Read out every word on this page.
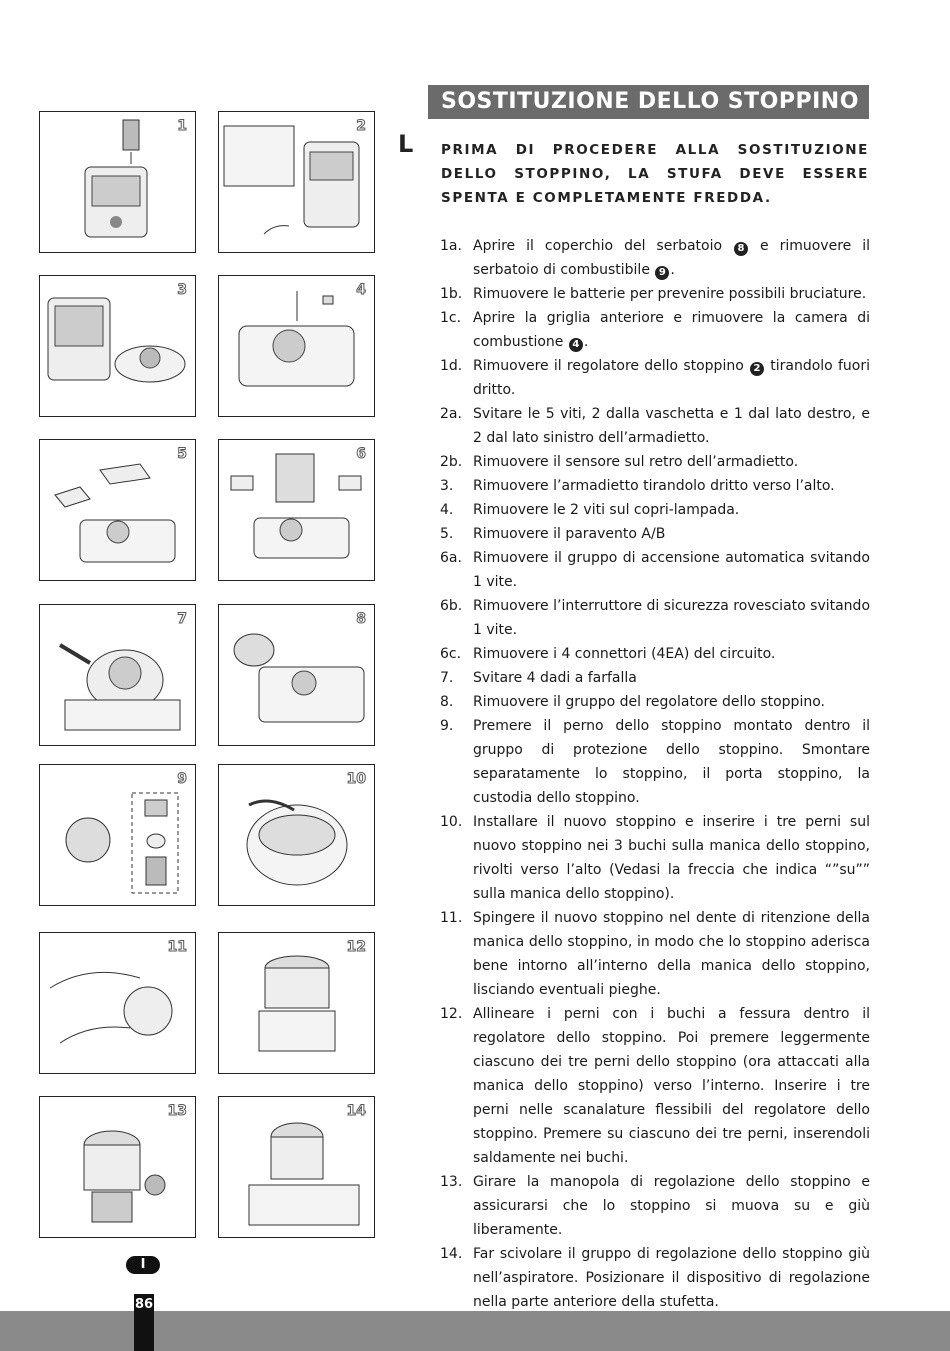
1	2
3	4
5	6
7	8
9	10
11	12
13	14
SOSTITUZIONE DELLO STOPPINO
L PRIMA DI PROCEDERE ALLA SOSTITUZIONE DELLO STOPPINO, LA STUFA DEVE ESSERE SPENTA E COMPLETAMENTE FREDDA.
1a. Aprire il coperchio del serbatoio 8 e rimuovere il serbatoio di combustibile 9 .
1b. Rimuovere le batterie per prevenire possibili bruciature.
1c. Aprire la griglia anteriore e rimuovere la camera di combustione 4 .
1d. Rimuovere il regolatore dello stoppino 2 tirandolo fuori dritto.
2a. Svitare le 5 viti, 2 dalla vaschetta e 1 dal lato destro, e 2 dal lato sinistro dell’armadietto.
2b. Rimuovere il sensore sul retro dell’armadietto.
3.	Rimuovere l’armadietto tirandolo dritto verso l’alto.
4.	Rimuovere le 2 viti sul copri-lampada.
5.	Rimuovere il paravento A/B
6a. Rimuovere il gruppo di accensione automatica svitando 1 vite.
6b. Rimuovere l’interruttore di sicurezza rovesciato svitando 1 vite.
6c. Rimuovere i 4 connettori (4EA) del circuito.
7.	Svitare 4 dadi a farfalla
8.	Rimuovere il gruppo del regolatore dello stoppino.
9.	Premere il perno dello stoppino montato dentro il gruppo di protezione dello stoppino. Smontare separatamente lo stoppino, il porta stoppino, la custodia dello stoppino.
10. Installare il nuovo stoppino e inserire i tre perni sul nuovo stoppino nei 3 buchi sulla manica dello stoppino, rivolti verso l’alto (Vedasi la freccia che indica “”su”” sulla manica dello stoppino).
11. Spingere il nuovo stoppino nel dente di ritenzione della manica dello stoppino, in modo che lo stoppino aderisca bene intorno all’interno della manica dello stoppino, lisciando eventuali pieghe.
12. Allineare i perni con i buchi a fessura dentro il regolatore dello stoppino. Poi premere leggermente ciascuno dei tre perni dello stoppino (ora attaccati alla manica dello stoppino) verso l’interno. Inserire i tre perni nelle scanalature flessibili del regolatore dello stoppino. Premere su ciascuno dei tre perni, inserendoli saldamente nei buchi.
13. Girare la manopola di regolazione dello stoppino e assicurarsi che lo stoppino si muova su e giù liberamente.
14. Far scivolare il gruppo di regolazione dello stoppino giù nell’aspiratore. Posizionare il dispositivo di regolazione nella parte anteriore della stufetta.
I
86
